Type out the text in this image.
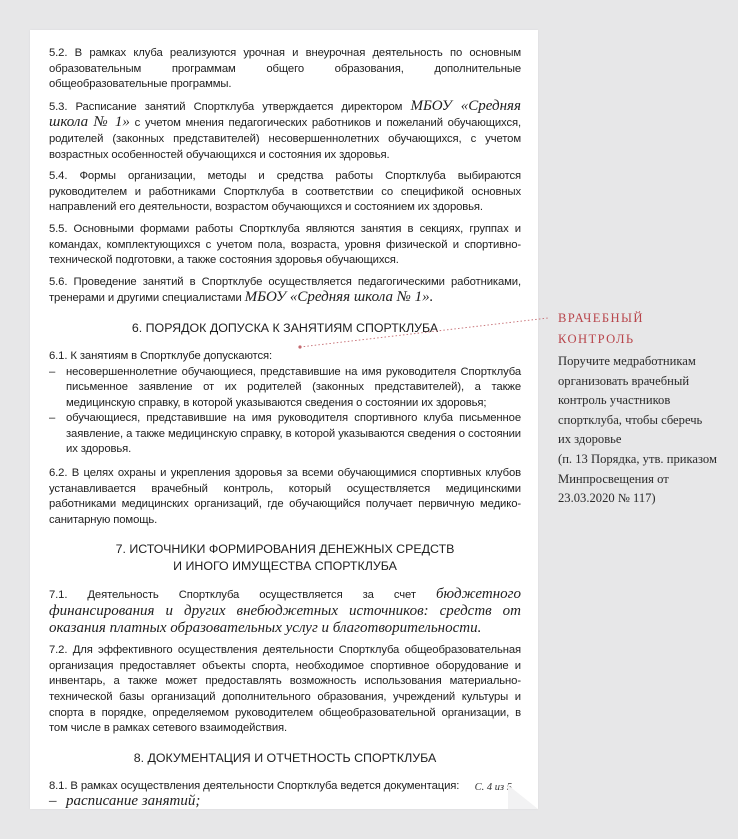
5.2. В рамках клуба реализуются урочная и внеурочная деятельность по основным образовательным программам общего образования, дополнительные общеобразовательные программы.

5.3. Расписание занятий Спортклуба утверждается директором МБОУ «Средняя школа № 1» с учетом мнения педагогических работников и пожеланий обучающихся, родителей (законных представителей) несовершеннолетних обучающихся, с учетом возрастных особенностей обучающихся и состояния их здоровья.

5.4. Формы организации, методы и средства работы Спортклуба выбираются руководителем и работниками Спортклуба в соответствии со спецификой основных направлений его деятельности, возрастом обучающихся и состоянием их здоровья.

5.5. Основными формами работы Спортклуба являются занятия в секциях, группах и командах, комплектующихся с учетом пола, возраста, уровня физической и спортивно-технической подготовки, а также состояния здоровья обучающихся.

5.6. Проведение занятий в Спортклубе осуществляется педагогическими работниками, тренерами и другими специалистами МБОУ «Средняя школа № 1».

6. ПОРЯДОК ДОПУСКА К ЗАНЯТИЯМ СПОРТКЛУБА

6.1. К занятиям в Спортклубе допускаются:

– несовершеннолетние обучающиеся, представившие на имя руководителя Спортклуба письменное заявление от их родителей (законных представителей), а также медицинскую справку, в которой указываются сведения о состоянии их здоровья;
– обучающиеся, представившие на имя руководителя спортивного клуба письменное заявление, а также медицинскую справку, в которой указываются сведения о состоянии их здоровья.

6.2. В целях охраны и укрепления здоровья за всеми обучающимися спортивных клубов устанавливается врачебный контроль, который осуществляется медицинскими работниками медицинских организаций, где обучающийся получает первичную медико-санитарную помощь.

7. ИСТОЧНИКИ ФОРМИРОВАНИЯ ДЕНЕЖНЫХ СРЕДСТВ
И ИНОГО ИМУЩЕСТВА СПОРТКЛУБА

7.1. Деятельность Спортклуба осуществляется за счет бюджетного финансирования и других внебюджетных источников: средств от оказания платных образовательных услуг и благотворительности.

7.2. Для эффективного осуществления деятельности Спортклуба общеобразовательная организация предоставляет объекты спорта, необходимое спортивное оборудование и инвентарь, а также может предоставлять возможность использования материально-технической базы организаций дополнительного образования, учреждений культуры и спорта в порядке, определяемом руководителем общеобразовательной организации, в том числе в рамках сетевого взаимодействия.

8. ДОКУМЕНТАЦИЯ И ОТЧЕТНОСТЬ СПОРТКЛУБА

8.1. В рамках осуществления деятельности Спортклуба ведется документация:

– расписание занятий;
С. 4 из 5

ВРАЧЕБНЫЙ КОНТРОЛЬ

Поручите медработникам организовать врачебный контроль участников спортклуба, чтобы сберечь их здоровье
(п. 13 Порядка, утв. приказом Минпросвещения от 23.03.2020 № 117)
